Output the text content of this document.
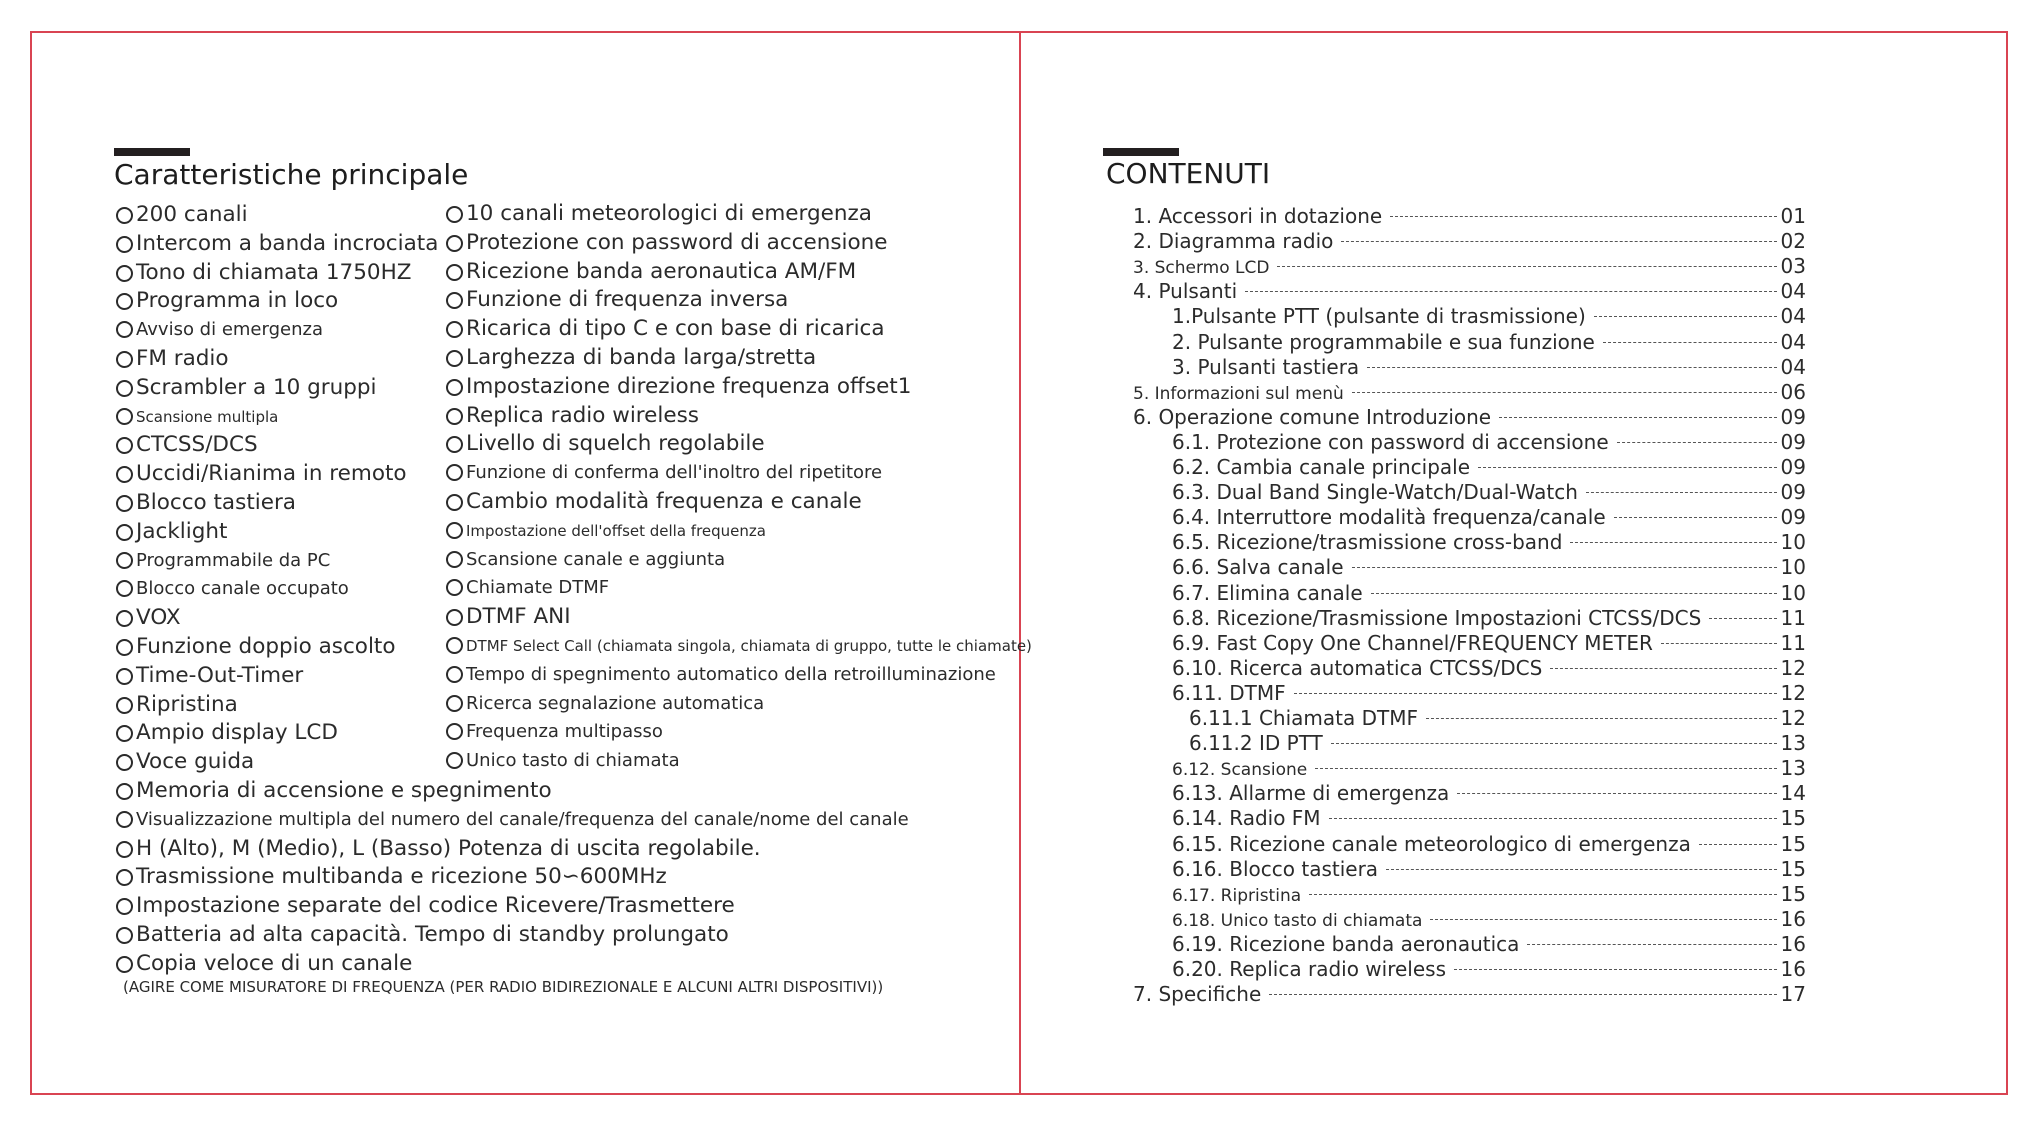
Caratteristiche principale	CONTENUTI
200 canali
Intercom a banda incrociata
Tono di chiamata 1750HZ
Programma in loco
Avviso di emergenza
FM radio
Scrambler a 10 gruppi
Scansione multipla
CTCSS/DCS
Uccidi/Rianima in remoto
Blocco tastiera
Jacklight
Programmabile da PC
Blocco canale occupato
VOX
Funzione doppio ascolto
Time-Out-Timer
Ripristina
Ampio display LCD
Voce guida
10 canali meteorologici di emergenza
Protezione con password di accensione
Ricezione banda aeronautica AM/FM
Funzione di frequenza inversa
Ricarica di tipo C e con base di ricarica
Larghezza di banda larga/stretta
Impostazione direzione frequenza offset1
Replica radio wireless
Livello di squelch regolabile
Funzione di conferma dell'inoltro del ripetitore
Cambio modalità frequenza e canale
Impostazione dell'offset della frequenza
Scansione canale e aggiunta
Chiamate DTMF
DTMF ANI
DTMF Select Call (chiamata singola, chiamata di gruppo, tutte le chiamate)
Tempo di spegnimento automatico della retroilluminazione
Ricerca segnalazione automatica
Frequenza multipasso
Unico tasto di chiamata
Memoria di accensione e spegnimento
Visualizzazione multipla del numero del canale/frequenza del canale/nome del canale
H (Alto), M (Medio), L (Basso) Potenza di uscita regolabile.
Trasmissione multibanda e ricezione 50∽600MHz
Impostazione separate del codice Ricevere/Trasmettere
Batteria ad alta capacità. Tempo di standby prolungato
Copia veloce di un canale
(AGIRE COME MISURATORE DI FREQUENZA (PER RADIO BIDIREZIONALE E ALCUNI ALTRI DISPOSITIVI))
1. Accessori in dotazione	01
2. Diagramma radio	02
3. Schermo LCD	03
4. Pulsanti	04
1.Pulsante PTT (pulsante di trasmissione)	04
2. Pulsante programmabile e sua funzione	04
3. Pulsanti tastiera	04
5. Informazioni sul menù	06
6. Operazione comune Introduzione	09
6.1. Protezione con password di accensione	09
6.2. Cambia canale principale	09
6.3. Dual Band Single-Watch/Dual-Watch	09
6.4. Interruttore modalità frequenza/canale	09
6.5. Ricezione/trasmissione cross-band	10
6.6. Salva canale	10
6.7. Elimina canale	10
6.8. Ricezione/Trasmissione Impostazioni CTCSS/DCS	11
6.9. Fast Copy One Channel/FREQUENCY METER	11
6.10. Ricerca automatica CTCSS/DCS	12
6.11. DTMF	12
6.11.1 Chiamata DTMF	12
6.11.2 ID PTT	13
6.12. Scansione	13
6.13. Allarme di emergenza	14
6.14. Radio FM	15
6.15. Ricezione canale meteorologico di emergenza	15
6.16. Blocco tastiera	15
6.17. Ripristina	15
6.18. Unico tasto di chiamata	16
6.19. Ricezione banda aeronautica	16
6.20. Replica radio wireless	16
7. Specifiche	17
